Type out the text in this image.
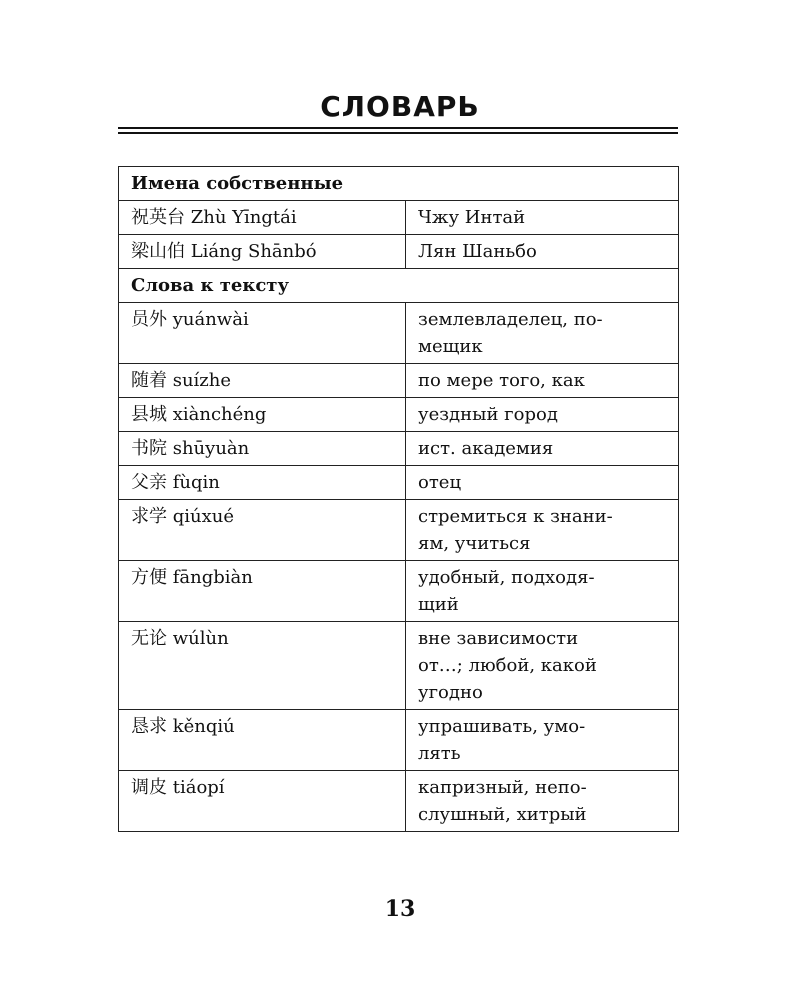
СЛОВАРЬ
Имена собственные	
祝英台 Zhù Yīngtái	Чжу Интай
梁山伯 Liáng Shānbó	Лян Шаньбо
Слова к тексту	
员外 yuánwài	землевладелец, по-
мещик
随着 suízhe	по мере того, как
县城 xiànchéng	уездный город
书院 shūyuàn	ист. академия
父亲 fùqin	отец
求学 qiúxué	стремиться к знани-
ям, учиться
方便 fāngbiàn	удобный, подходя-
щий
无论 wúlùn	вне зависимости
от…; любой, какой
угодно
恳求 kěnqiú	упрашивать, умо-
лять
调皮 tiáopí	капризный, непо-
слушный, хитрый
13
